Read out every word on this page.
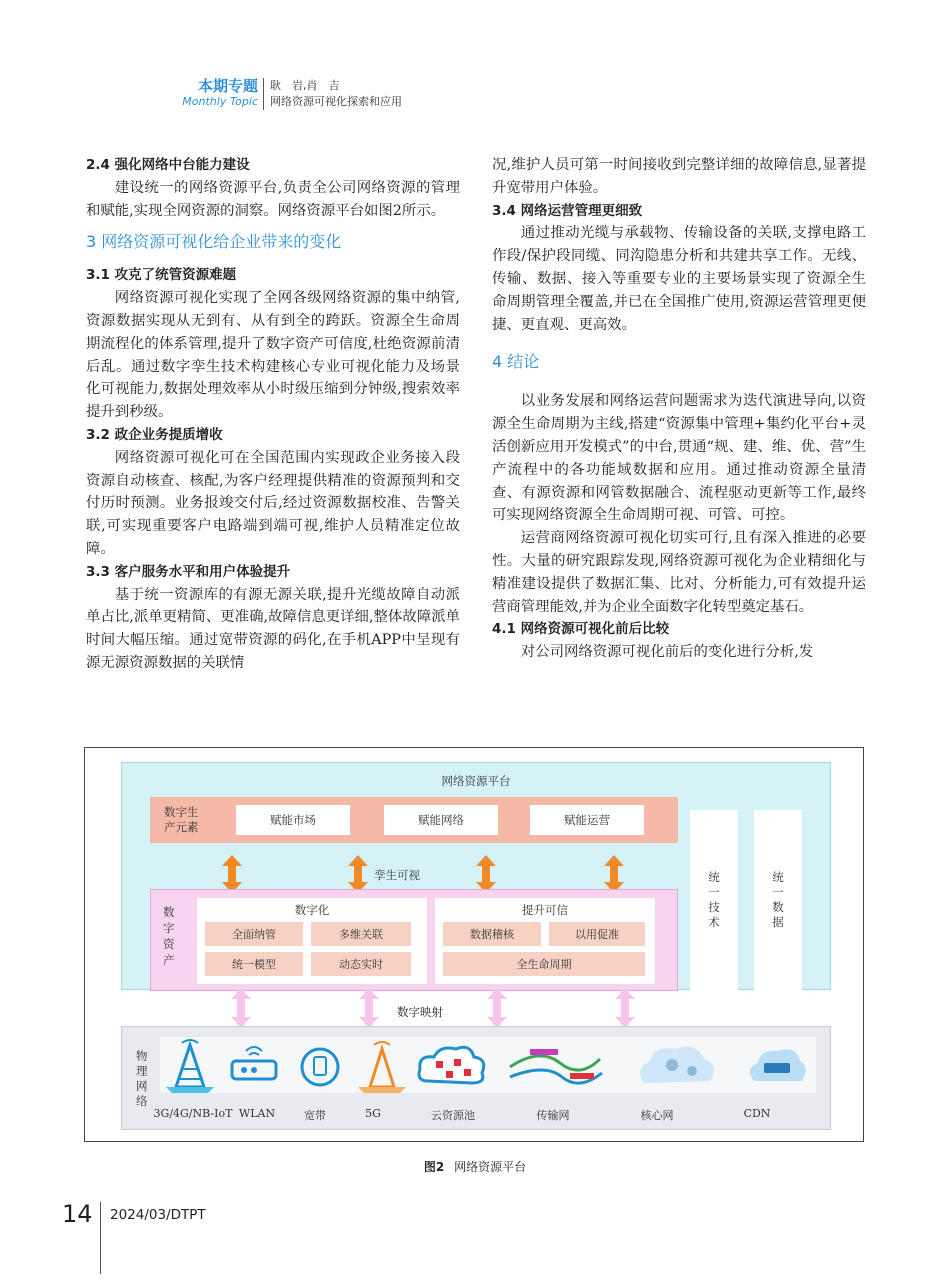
本期专题
Monthly Topic
耿　岩,肖　吉
网络资源可视化探索和应用
2.4 强化网络中台能力建设

建设统一的网络资源平台,负责全公司网络资源的管理和赋能,实现全网资源的洞察。网络资源平台如图2所示。

3 网络资源可视化给企业带来的变化
3.1 攻克了统管资源难题

网络资源可视化实现了全网各级网络资源的集中纳管,资源数据实现从无到有、从有到全的跨跃。资源全生命周期流程化的体系管理,提升了数字资产可信度,杜绝资源前清后乱。通过数字孪生技术构建核心专业可视化能力及场景化可视能力,数据处理效率从小时级压缩到分钟级,搜索效率提升到秒级。

3.2 政企业务提质增收

网络资源可视化可在全国范围内实现政企业务接入段资源自动核查、核配,为客户经理提供精准的资源预判和交付历时预测。业务报竣交付后,经过资源数据校准、告警关联,可实现重要客户电路端到端可视,维护人员精准定位故障。

3.3 客户服务水平和用户体验提升

基于统一资源库的有源无源关联,提升光缆故障自动派单占比,派单更精简、更准确,故障信息更详细,整体故障派单时间大幅压缩。通过宽带资源的码化,在手机APP中呈现有源无源资源数据的关联情

况,维护人员可第一时间接收到完整详细的故障信息,显著提升宽带用户体验。

3.4 网络运营管理更细致

通过推动光缆与承载物、传输设备的关联,支撑电路工作段/保护段同缆、同沟隐患分析和共建共享工作。无线、传输、数据、接入等重要专业的主要场景实现了资源全生命周期管理全覆盖,并已在全国推广使用,资源运营管理更便捷、更直观、更高效。

4 结论

以业务发展和网络运营问题需求为迭代演进导向,以资源全生命周期为主线,搭建“资源集中管理+集约化平台+灵活创新应用开发模式”的中台,贯通“规、建、维、优、营”生产流程中的各功能域数据和应用。通过推动资源全量清查、有源资源和网管数据融合、流程驱动更新等工作,最终可实现网络资源全生命周期可视、可管、可控。

运营商网络资源可视化切实可行,且有深入推进的必要性。大量的研究跟踪发现,网络资源可视化为企业精细化与精准建设提供了数据汇集、比对、分析能力,可有效提升运营商管理能效,并为企业全面数字化转型奠定基石。

4.1 网络资源可视化前后比较

对公司网络资源可视化前后的变化进行分析,发

网络资源平台
数字生产元素	赋能市场	赋能网络	赋能运营
孪生可视
数字资产
数字化
全面纳管	多维关联
统一模型	动态实时
提升可信
数据稽核	以用促准
全生命周期
统一技术
统一数据
数字映射
物理网络
3G/4G/NB-IoT WLAN	宽带	5G	云资源池	传输网	核心网	CDN
图2 网络资源平台
14 2024/03/DTPT
